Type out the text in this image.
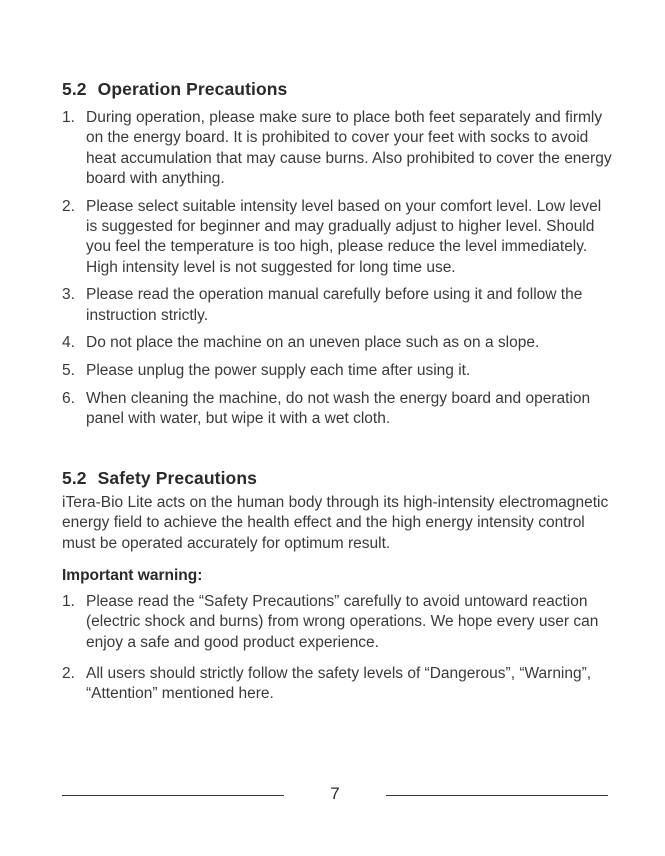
5.2 Operation Precautions
1. During operation, please make sure to place both feet separately and firmly on the energy board. It is prohibited to cover your feet with socks to avoid heat accumulation that may cause burns. Also prohibited to cover the energy board with anything.
2. Please select suitable intensity level based on your comfort level. Low level is suggested for beginner and may gradually adjust to higher level. Should you feel the temperature is too high, please reduce the level immediately. High intensity level is not suggested for long time use.
3. Please read the operation manual carefully before using it and follow the instruction strictly.
4. Do not place the machine on an uneven place such as on a slope.
5. Please unplug the power supply each time after using it.
6. When cleaning the machine, do not wash the energy board and operation panel with water, but wipe it with a wet cloth.
5.2 Safety Precautions

iTera-Bio Lite acts on the human body through its high-intensity electromagnetic energy field to achieve the health effect and the high energy intensity control must be operated accurately for optimum result.

Important warning:
1. Please read the “Safety Precautions” carefully to avoid untoward reaction (electric shock and burns) from wrong operations. We hope every user can enjoy a safe and good product experience.
2. All users should strictly follow the safety levels of “Dangerous”, “Warning”, “Attention” mentioned here.
7
